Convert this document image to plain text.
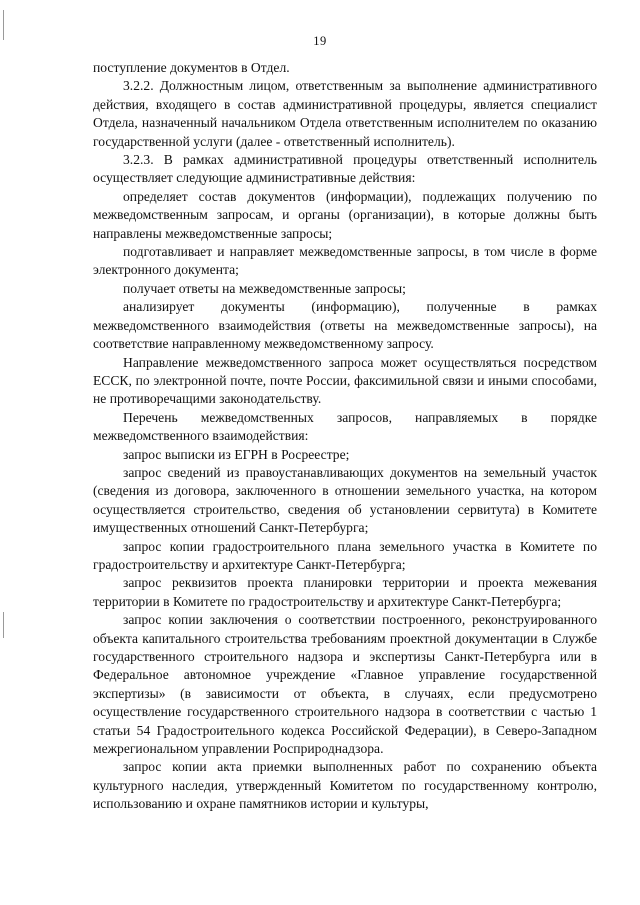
19

поступление документов в Отдел.

3.2.2. Должностным лицом, ответственным за выполнение административного действия, входящего в состав административной процедуры, является специалист Отдела, назначенный начальником Отдела ответственным исполнителем по оказанию государственной услуги (далее - ответственный исполнитель).

3.2.3. В рамках административной процедуры ответственный исполнитель осуществляет следующие административные действия:

определяет состав документов (информации), подлежащих получению по межведомственным запросам, и органы (организации), в которые должны быть направлены межведомственные запросы;

подготавливает и направляет межведомственные запросы, в том числе в форме электронного документа;

получает ответы на межведомственные запросы;

анализирует документы (информацию), полученные в рамках межведомственного взаимодействия (ответы на межведомственные запросы), на соответствие направленному межведомственному запросу.

Направление межведомственного запроса может осуществляться посредством ЕССК, по электронной почте, почте России, факсимильной связи и иными способами, не противоречащими законодательству.

Перечень межведомственных запросов, направляемых в порядке межведомственного взаимодействия:

запрос выписки из ЕГРН в Росреестре;

запрос сведений из правоустанавливающих документов на земельный участок (сведения из договора, заключенного в отношении земельного участка, на котором осуществляется строительство, сведения об установлении сервитута) в Комитете имущественных отношений Санкт-Петербурга;

запрос копии градостроительного плана земельного участка в Комитете по градостроительству и архитектуре Санкт-Петербурга;

запрос реквизитов проекта планировки территории и проекта межевания территории в Комитете по градостроительству и архитектуре Санкт-Петербурга;

запрос копии заключения о соответствии построенного, реконструированного объекта капитального строительства требованиям проектной документации в Службе государственного строительного надзора и экспертизы Санкт-Петербурга или в Федеральное автономное учреждение «Главное управление государственной экспертизы» (в зависимости от объекта, в случаях, если предусмотрено осуществление государственного строительного надзора в соответствии с частью 1 статьи 54 Градостроительного кодекса Российской Федерации), в Северо-Западном межрегиональном управлении Росприроднадзора.

запрос копии акта приемки выполненных работ по сохранению объекта культурного наследия, утвержденный Комитетом по государственному контролю, использованию и охране памятников истории и культуры,
